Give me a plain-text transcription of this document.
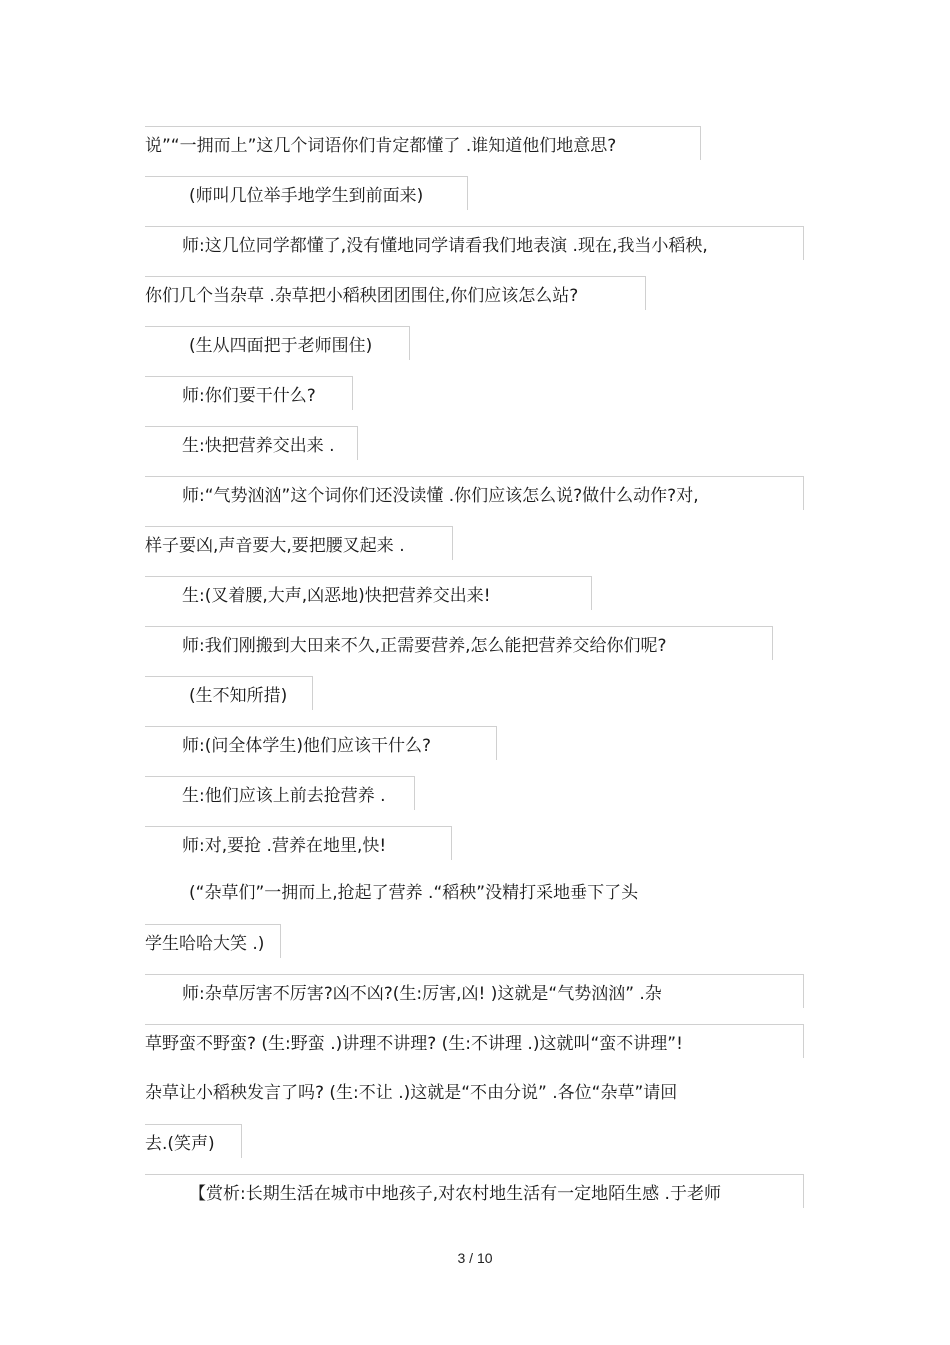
说”“一拥而上”这几个词语你们肯定都懂了 .谁知道他们地意思?
(师叫几位举手地学生到前面来)
师:这几位同学都懂了,没有懂地同学请看我们地表演 .现在,我当小稻秧,
你们几个当杂草 .杂草把小稻秧团团围住,你们应该怎么站?
(生从四面把于老师围住)
师:你们要干什么?
生:快把营养交出来 .
师:“气势汹汹”这个词你们还没读懂 .你们应该怎么说?做什么动作?对,
样子要凶,声音要大,要把腰叉起来 .
生:(叉着腰,大声,凶恶地)快把营养交出来!
师:我们刚搬到大田来不久,正需要营养,怎么能把营养交给你们呢?
(生不知所措)
师:(问全体学生)他们应该干什么?
生:他们应该上前去抢营养 .
师:对,要抢 .营养在地里,快!
(“杂草们”一拥而上,抢起了营养 .“稻秧”没精打采地垂下了头
学生哈哈大笑 .)
师:杂草厉害不厉害?凶不凶?(生:厉害,凶! )这就是“气势汹汹” .杂
草野蛮不野蛮? (生:野蛮 .)讲理不讲理? (生:不讲理 .)这就叫“蛮不讲理”!
杂草让小稻秧发言了吗? (生:不让 .)这就是“不由分说” .各位“杂草”请回
去.(笑声)
【赏析:长期生活在城市中地孩子,对农村地生活有一定地陌生感 .于老师
3 / 10
